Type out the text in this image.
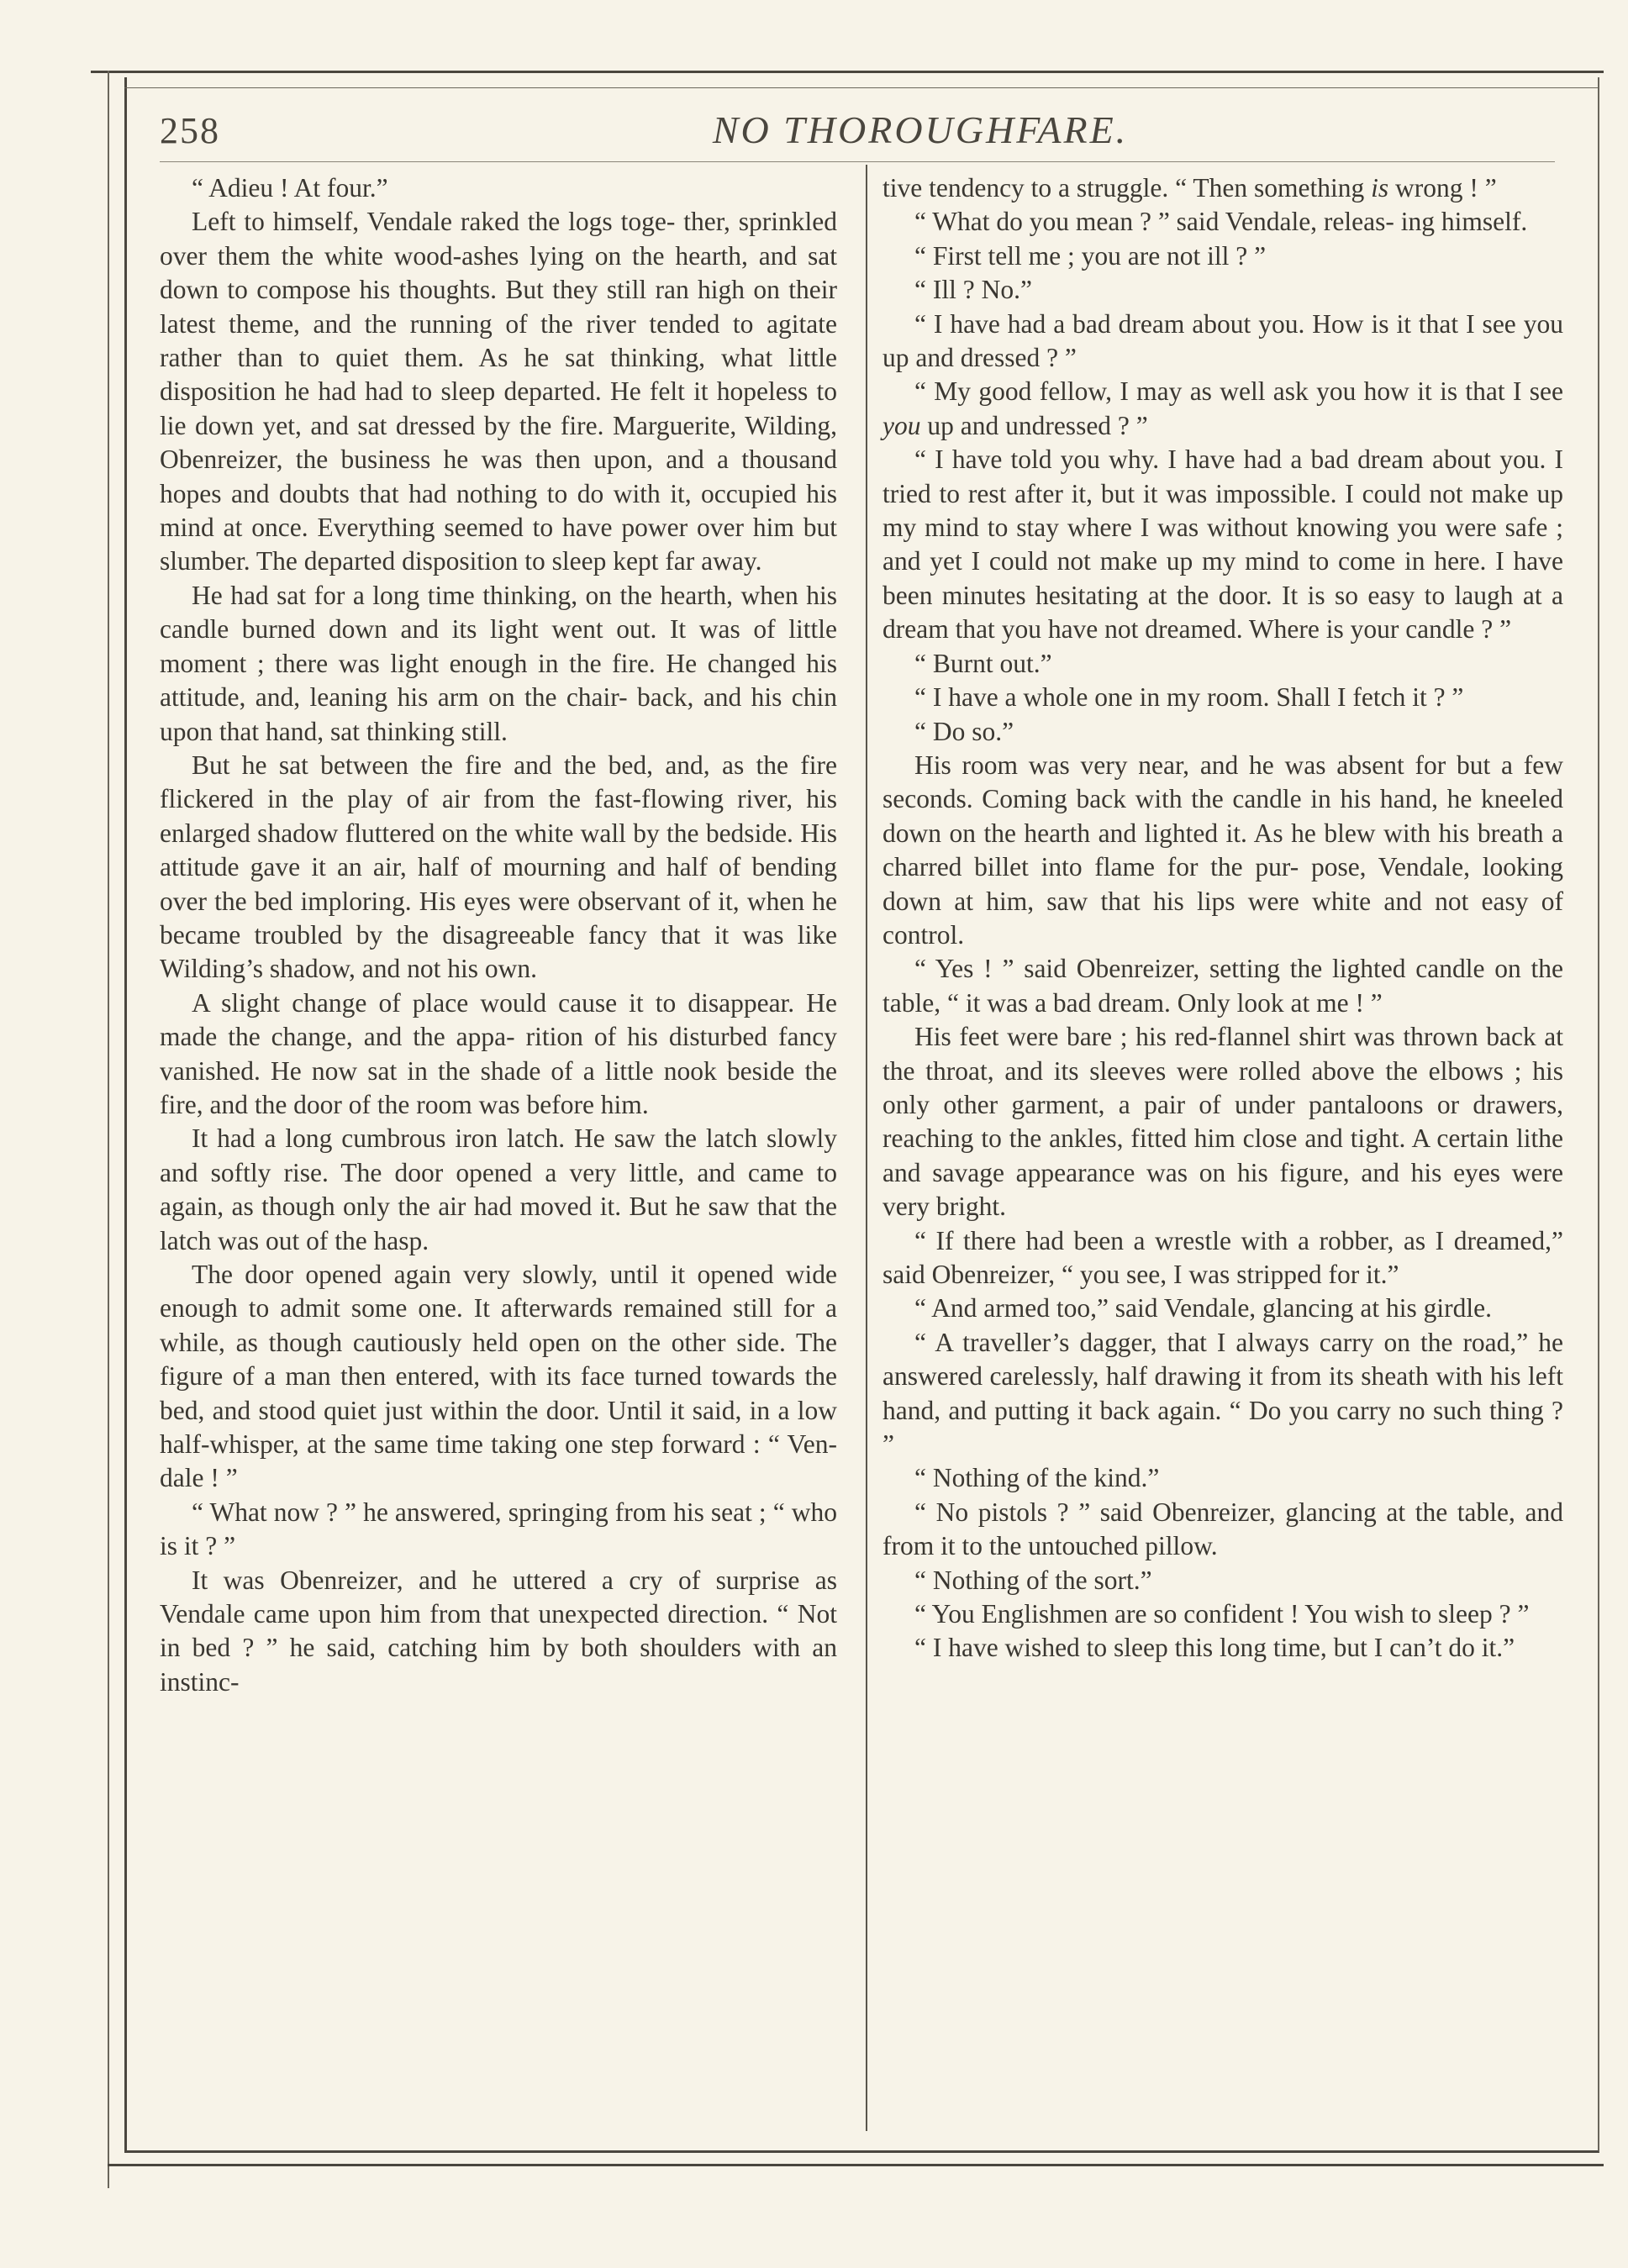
258	NO THOROUGHFARE.

“ Adieu ! At four.”

Left to himself, Vendale raked the logs toge- ther, sprinkled over them the white wood-ashes lying on the hearth, and sat down to compose his thoughts. But they still ran high on their latest theme, and the running of the river tended to agitate rather than to quiet them. As he sat thinking, what little disposition he had had to sleep departed. He felt it hopeless to lie down yet, and sat dressed by the fire. Marguerite, Wilding, Obenreizer, the business he was then upon, and a thousand hopes and doubts that had nothing to do with it, occupied his mind at once. Everything seemed to have power over him but slumber. The departed disposition to sleep kept far away.

He had sat for a long time thinking, on the hearth, when his candle burned down and its light went out. It was of little moment ; there was light enough in the fire. He changed his attitude, and, leaning his arm on the chair- back, and his chin upon that hand, sat thinking still.

But he sat between the fire and the bed, and, as the fire flickered in the play of air from the fast-flowing river, his enlarged shadow fluttered on the white wall by the bedside. His attitude gave it an air, half of mourning and half of bending over the bed imploring. His eyes were observant of it, when he became troubled by the disagreeable fancy that it was like Wilding’s shadow, and not his own.

A slight change of place would cause it to disappear. He made the change, and the appa- rition of his disturbed fancy vanished. He now sat in the shade of a little nook beside the fire, and the door of the room was before him.

It had a long cumbrous iron latch. He saw the latch slowly and softly rise. The door opened a very little, and came to again, as though only the air had moved it. But he saw that the latch was out of the hasp.

The door opened again very slowly, until it opened wide enough to admit some one. It afterwards remained still for a while, as though cautiously held open on the other side. The figure of a man then entered, with its face turned towards the bed, and stood quiet just within the door. Until it said, in a low half-whisper, at the same time taking one step forward : “ Ven- dale ! ”

“ What now ? ” he answered, springing from his seat ; “ who is it ? ”

It was Obenreizer, and he uttered a cry of surprise as Vendale came upon him from that unexpected direction. “ Not in bed ? ” he said, catching him by both shoulders with an instinc-

tive tendency to a struggle. “ Then something is wrong ! ”

“ What do you mean ? ” said Vendale, releas- ing himself.

“ First tell me ; you are not ill ? ”

“ Ill ? No.”

“ I have had a bad dream about you. How is it that I see you up and dressed ? ”

“ My good fellow, I may as well ask you how it is that I see you up and undressed ? ”

“ I have told you why. I have had a bad dream about you. I tried to rest after it, but it was impossible. I could not make up my mind to stay where I was without knowing you were safe ; and yet I could not make up my mind to come in here. I have been minutes hesitating at the door. It is so easy to laugh at a dream that you have not dreamed. Where is your candle ? ”

“ Burnt out.”

“ I have a whole one in my room. Shall I fetch it ? ”

“ Do so.”

His room was very near, and he was absent for but a few seconds. Coming back with the candle in his hand, he kneeled down on the hearth and lighted it. As he blew with his breath a charred billet into flame for the pur- pose, Vendale, looking down at him, saw that his lips were white and not easy of control.

“ Yes ! ” said Obenreizer, setting the lighted candle on the table, “ it was a bad dream. Only look at me ! ”

His feet were bare ; his red-flannel shirt was thrown back at the throat, and its sleeves were rolled above the elbows ; his only other garment, a pair of under pantaloons or drawers, reaching to the ankles, fitted him close and tight. A certain lithe and savage appearance was on his figure, and his eyes were very bright.

“ If there had been a wrestle with a robber, as I dreamed,” said Obenreizer, “ you see, I was stripped for it.”

“ And armed too,” said Vendale, glancing at his girdle.

“ A traveller’s dagger, that I always carry on the road,” he answered carelessly, half drawing it from its sheath with his left hand, and putting it back again. “ Do you carry no such thing ? ”

“ Nothing of the kind.”

“ No pistols ? ” said Obenreizer, glancing at the table, and from it to the untouched pillow.

“ Nothing of the sort.”

“ You Englishmen are so confident ! You wish to sleep ? ”

“ I have wished to sleep this long time, but I can’t do it.”
